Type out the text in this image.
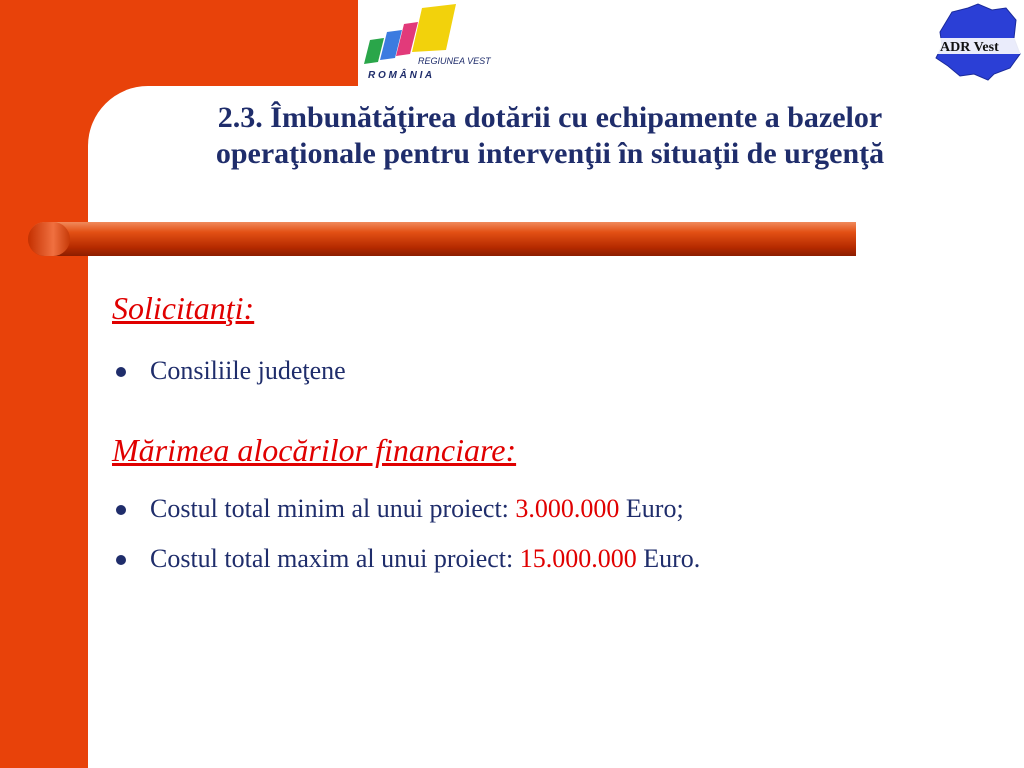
REGIUNEA VEST
R O M Â N I A
ADR Vest
2.3. Îmbunătăţirea dotării cu echipamente a bazelor operaţionale pentru intervenţii în situaţii de urgenţă

Solicitanţi:

Consiliile judeţene

Mărimea alocărilor financiare:

Costul total minim al unui proiect: 3.000.000 Euro;

Costul total maxim al unui proiect: 15.000.000 Euro.
